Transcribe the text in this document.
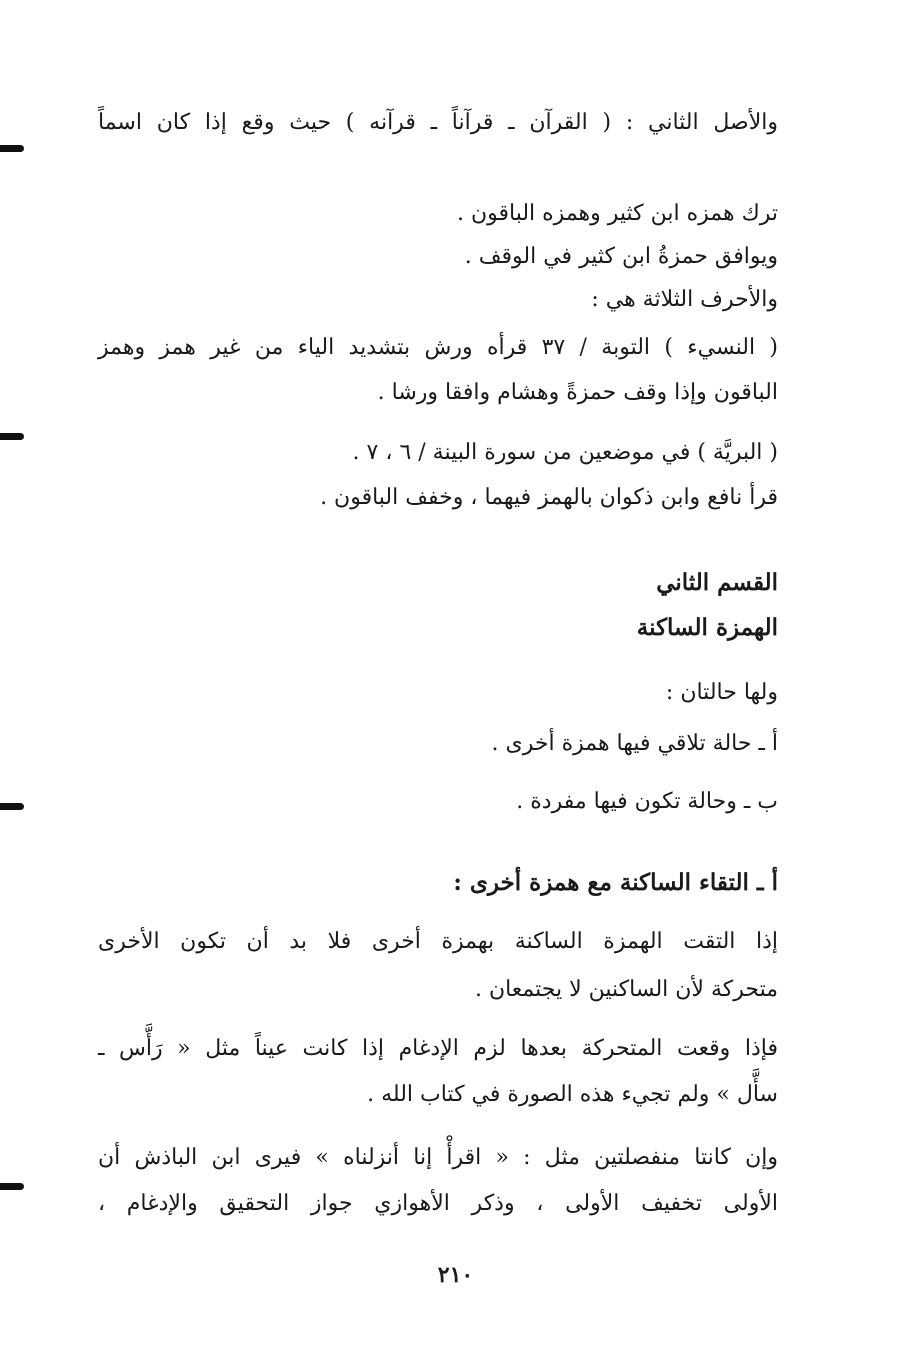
والأصل الثاني : ( القرآن ـ قرآناً ـ قرآنه ) حيث وقع إذا كان اسماً
ترك همزه ابن كثير وهمزه الباقون .
ويوافق حمزةُ ابن كثير في الوقف .
والأحرف الثلاثة هي :
( النسيء ) التوبة / ٣٧ قرأه ورش بتشديد الياء من غير همز وهمز
الباقون وإذا وقف حمزةً وهشام وافقا ورشا .
( البريَّة ) في موضعين من سورة البينة / ٦ ، ٧ .
قرأ نافع وابن ذكوان بالهمز فيهما ، وخفف الباقون .
القسم الثاني
الهمزة الساكنة
ولها حالتان :
أ ـ حالة تلاقي فيها همزة أخرى .
ب ـ وحالة تكون فيها مفردة .
أ ـ التقاء الساكنة مع همزة أخرى :
إذا التقت الهمزة الساكنة بهمزة أخرى فلا بد أن تكون الأخرى
متحركة لأن الساكنين لا يجتمعان .
فإذا وقعت المتحركة بعدها لزم الإدغام إذا كانت عيناً مثل « رَأَّس ـ
سأَّل » ولم تجيء هذه الصورة في كتاب الله .
وإن كانتا منفصلتين مثل : « اقرأْ إنا أنزلناه » فيرى ابن الباذش أن
الأولى تخفيف الأولى ، وذكر الأهوازي جواز التحقيق والإدغام ،
٢١٠
